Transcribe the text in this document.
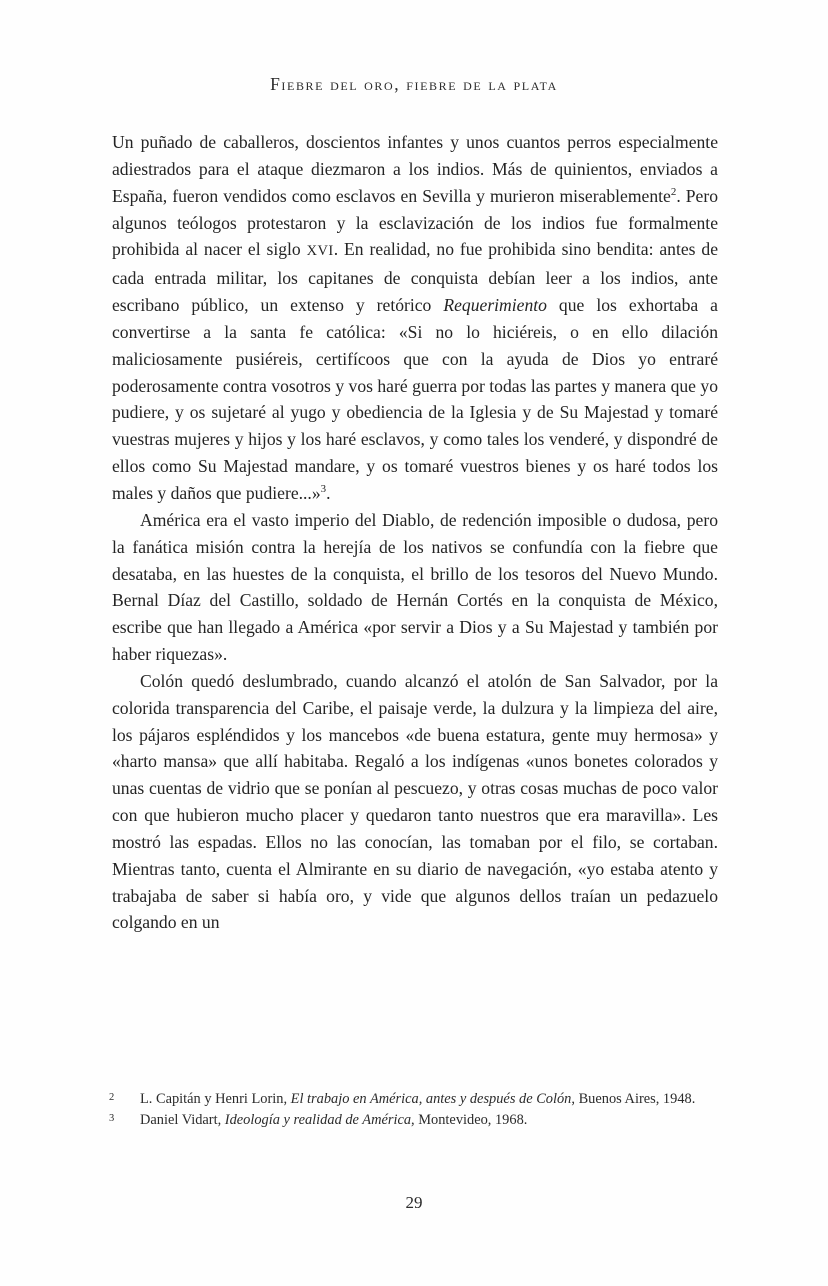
Fiebre del oro, fiebre de la plata

Un puñado de caballeros, doscientos infantes y unos cuantos perros especialmente adiestrados para el ataque diezmaron a los indios. Más de quinientos, enviados a España, fueron vendidos como esclavos en Sevilla y murieron miserablemente$^2$. Pero algunos teólogos protestaron y la esclavización de los indios fue formalmente prohibida al nacer el siglo XVI. En realidad, no fue prohibida sino bendita: antes de cada entrada militar, los capitanes de conquista debían leer a los indios, ante escribano público, un extenso y retórico Requerimiento que los exhortaba a convertirse a la santa fe católica: «Si no lo hiciéreis, o en ello dilación maliciosamente pusiéreis, certifícoos que con la ayuda de Dios yo entraré poderosamente contra vosotros y vos haré guerra por todas las partes y manera que yo pudiere, y os sujetaré al yugo y obediencia de la Iglesia y de Su Majestad y tomaré vuestras mujeres y hijos y los haré esclavos, y como tales los venderé, y dispondré de ellos como Su Majestad mandare, y os tomaré vuestros bienes y os haré todos los males y daños que pudiere...»$^3$.

América era el vasto imperio del Diablo, de redención imposible o dudosa, pero la fanática misión contra la herejía de los nativos se confundía con la fiebre que desataba, en las huestes de la conquista, el brillo de los tesoros del Nuevo Mundo. Bernal Díaz del Castillo, soldado de Hernán Cortés en la conquista de México, escribe que han llegado a América «por servir a Dios y a Su Majestad y también por haber riquezas».

Colón quedó deslumbrado, cuando alcanzó el atolón de San Salvador, por la colorida transparencia del Caribe, el paisaje verde, la dulzura y la limpieza del aire, los pájaros espléndidos y los mancebos «de buena estatura, gente muy hermosa» y «harto mansa» que allí habitaba. Regaló a los indígenas «unos bonetes colorados y unas cuentas de vidrio que se ponían al pescuezo, y otras cosas muchas de poco valor con que hubieron mucho placer y quedaron tanto nuestros que era maravilla». Les mostró las espadas. Ellos no las conocían, las tomaban por el filo, se cortaban. Mientras tanto, cuenta el Almirante en su diario de navegación, «yo estaba atento y trabajaba de saber si había oro, y vide que algunos dellos traían un pedazuelo colgando en un

2 L. Capitán y Henri Lorin, El trabajo en América, antes y después de Colón, Buenos Aires, 1948.
3 Daniel Vidart, Ideología y realidad de América, Montevideo, 1968.
29
